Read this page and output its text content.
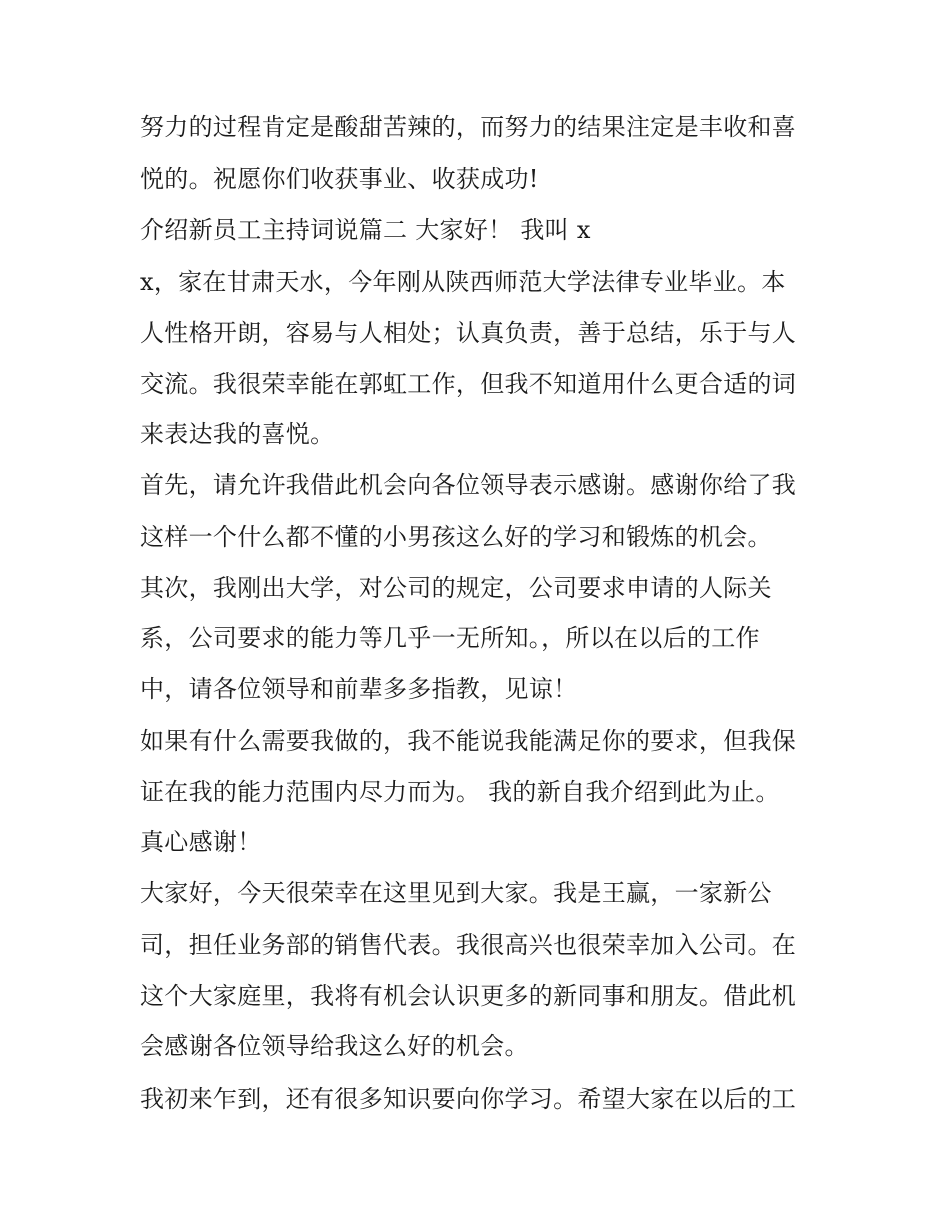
努力的过程肯定是酸甜苦辣的，而努力的结果注定是丰收和喜

悦的。祝愿你们收获事业、收获成功!

介绍新员工主持词说篇二 大家好！ 我叫 x

x，家在甘肃天水，今年刚从陕西师范大学法律专业毕业。本

人性格开朗，容易与人相处；认真负责，善于总结，乐于与人

交流。我很荣幸能在郭虹工作，但我不知道用什么更合适的词

来表达我的喜悦。

首先，请允许我借此机会向各位领导表示感谢。感谢你给了我

这样一个什么都不懂的小男孩这么好的学习和锻炼的机会。

其次，我刚出大学，对公司的规定，公司要求申请的人际关

系，公司要求的能力等几乎一无所知。，所以在以后的工作

中，请各位领导和前辈多多指教，见谅！

如果有什么需要我做的，我不能说我能满足你的要求，但我保

证在我的能力范围内尽力而为。 我的新自我介绍到此为止。

真心感谢！

大家好，今天很荣幸在这里见到大家。我是王赢，一家新公

司，担任业务部的销售代表。我很高兴也很荣幸加入公司。在

这个大家庭里，我将有机会认识更多的新同事和朋友。借此机

会感谢各位领导给我这么好的机会。

我初来乍到，还有很多知识要向你学习。希望大家在以后的工
